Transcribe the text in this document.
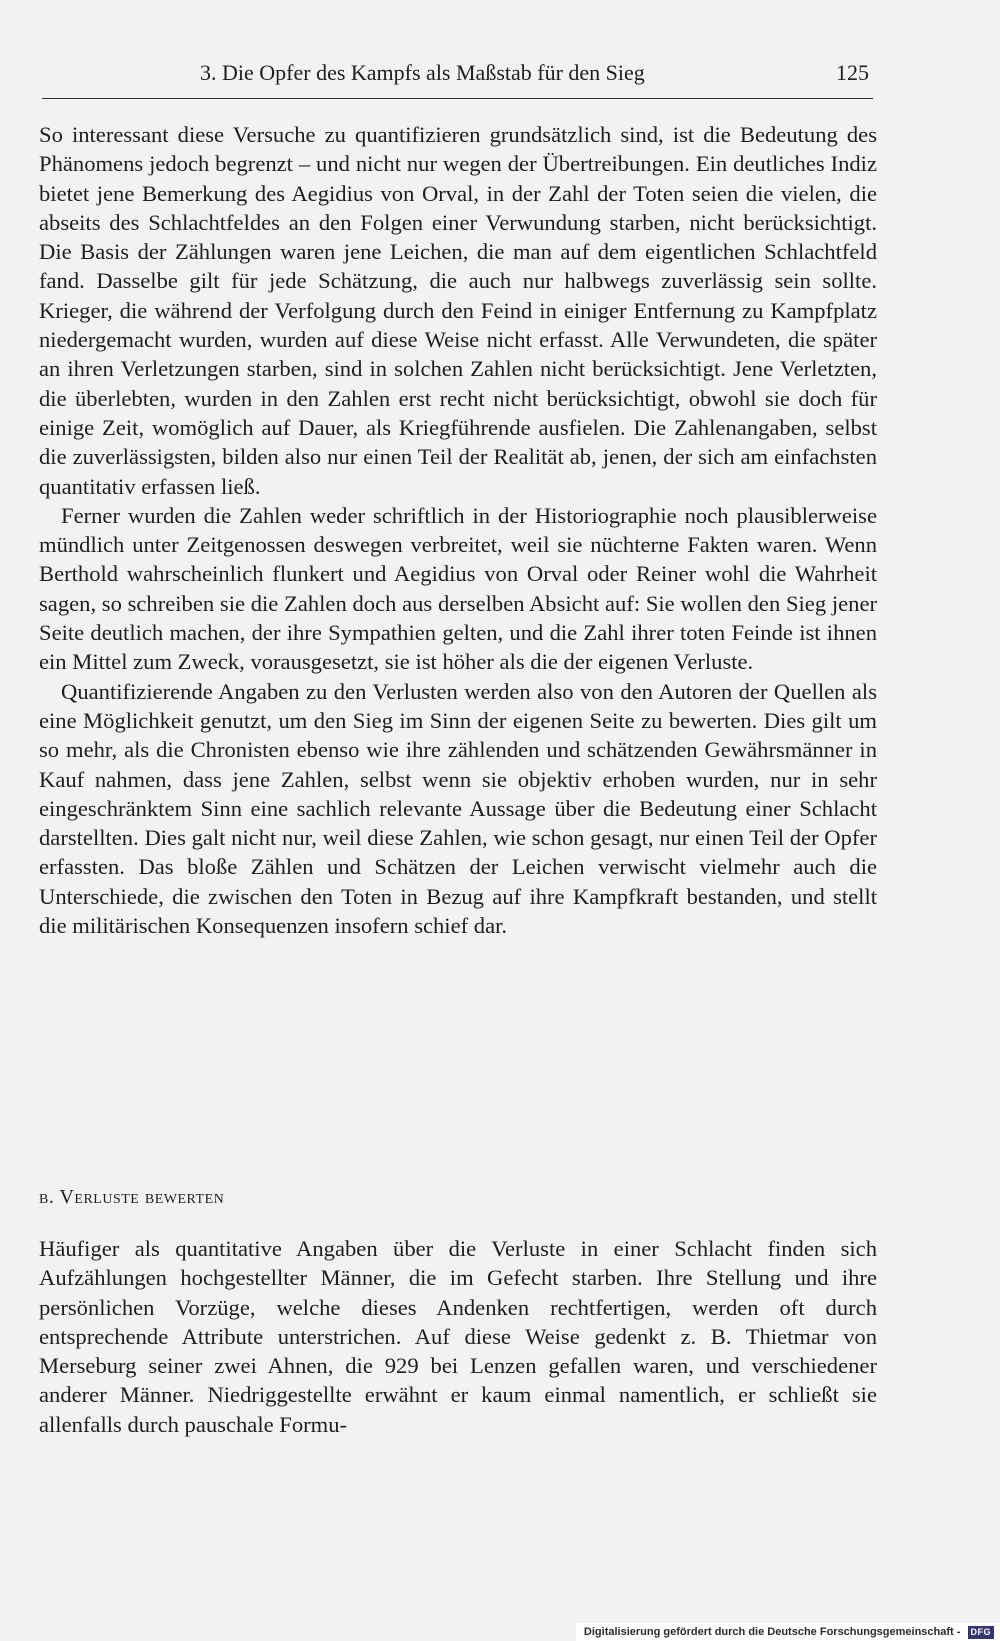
3. Die Opfer des Kampfs als Maßstab für den Sieg	125

So interessant diese Versuche zu quantifizieren grundsätzlich sind, ist die Bedeutung des Phänomens jedoch begrenzt – und nicht nur wegen der Übertreibungen. Ein deutliches Indiz bietet jene Bemerkung des Aegidius von Orval, in der Zahl der Toten seien die vielen, die abseits des Schlachtfeldes an den Folgen einer Verwundung starben, nicht berücksichtigt. Die Basis der Zählungen waren jene Leichen, die man auf dem eigentlichen Schlachtfeld fand. Dasselbe gilt für jede Schätzung, die auch nur halbwegs zuverlässig sein sollte. Krieger, die während der Verfolgung durch den Feind in einiger Entfernung zu Kampfplatz niedergemacht wurden, wurden auf diese Weise nicht erfasst. Alle Verwundeten, die später an ihren Verletzungen starben, sind in solchen Zahlen nicht berücksichtigt. Jene Verletzten, die überlebten, wurden in den Zahlen erst recht nicht berücksichtigt, obwohl sie doch für einige Zeit, womöglich auf Dauer, als Kriegführende ausfielen. Die Zahlenangaben, selbst die zuverlässigsten, bilden also nur einen Teil der Realität ab, jenen, der sich am einfachsten quantitativ erfassen ließ.

Ferner wurden die Zahlen weder schriftlich in der Historiographie noch plausiblerweise mündlich unter Zeitgenossen deswegen verbreitet, weil sie nüchterne Fakten waren. Wenn Berthold wahrscheinlich flunkert und Aegidius von Orval oder Reiner wohl die Wahrheit sagen, so schreiben sie die Zahlen doch aus derselben Absicht auf: Sie wollen den Sieg jener Seite deutlich machen, der ihre Sympathien gelten, und die Zahl ihrer toten Feinde ist ihnen ein Mittel zum Zweck, vorausgesetzt, sie ist höher als die der eigenen Verluste.

Quantifizierende Angaben zu den Verlusten werden also von den Autoren der Quellen als eine Möglichkeit genutzt, um den Sieg im Sinn der eigenen Seite zu bewerten. Dies gilt um so mehr, als die Chronisten ebenso wie ihre zählenden und schätzenden Gewährsmänner in Kauf nahmen, dass jene Zahlen, selbst wenn sie objektiv erhoben wurden, nur in sehr eingeschränktem Sinn eine sachlich relevante Aussage über die Bedeutung einer Schlacht darstellten. Dies galt nicht nur, weil diese Zahlen, wie schon gesagt, nur einen Teil der Opfer erfassten. Das bloße Zählen und Schätzen der Leichen verwischt vielmehr auch die Unterschiede, die zwischen den Toten in Bezug auf ihre Kampfkraft bestanden, und stellt die militärischen Konsequenzen insofern schief dar.

b. Verluste bewerten

Häufiger als quantitative Angaben über die Verluste in einer Schlacht finden sich Aufzählungen hochgestellter Männer, die im Gefecht starben. Ihre Stellung und ihre persönlichen Vorzüge, welche dieses Andenken rechtfertigen, werden oft durch entsprechende Attribute unterstrichen. Auf diese Weise gedenkt z. B. Thietmar von Merseburg seiner zwei Ahnen, die 929 bei Lenzen gefallen waren, und verschiedener anderer Männer. Niedriggestellte erwähnt er kaum einmal namentlich, er schließt sie allenfalls durch pauschale Formu-

Digitalisierung gefördert durch die Deutsche Forschungsgemeinschaft - DFG
